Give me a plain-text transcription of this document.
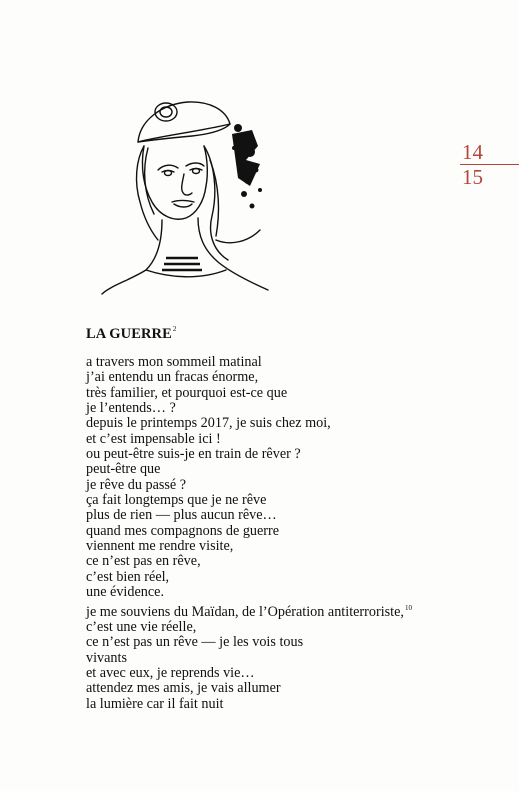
14
15
LA GUERRE$^2$
a travers mon sommeil matinal
j’ai entendu un fracas énorme,
très familier, et pourquoi est-ce que
je l’entends… ?
depuis le printemps 2017, je suis chez moi,
et c’est impensable ici !
ou peut-être suis-je en train de rêver ?
peut-être que
je rêve du passé ?
ça fait longtemps que je ne rêve
plus de rien — plus aucun rêve…
quand mes compagnons de guerre
viennent me rendre visite,
ce n’est pas en rêve,
c’est bien réel,
une évidence.
je me souviens du Maïdan, de l’Opération antiterroriste,$^{10}$
c’est une vie réelle,
ce n’est pas un rêve — je les vois tous
vivants
et avec eux, je reprends vie…
attendez mes amis, je vais allumer
la lumière car il fait nuit
